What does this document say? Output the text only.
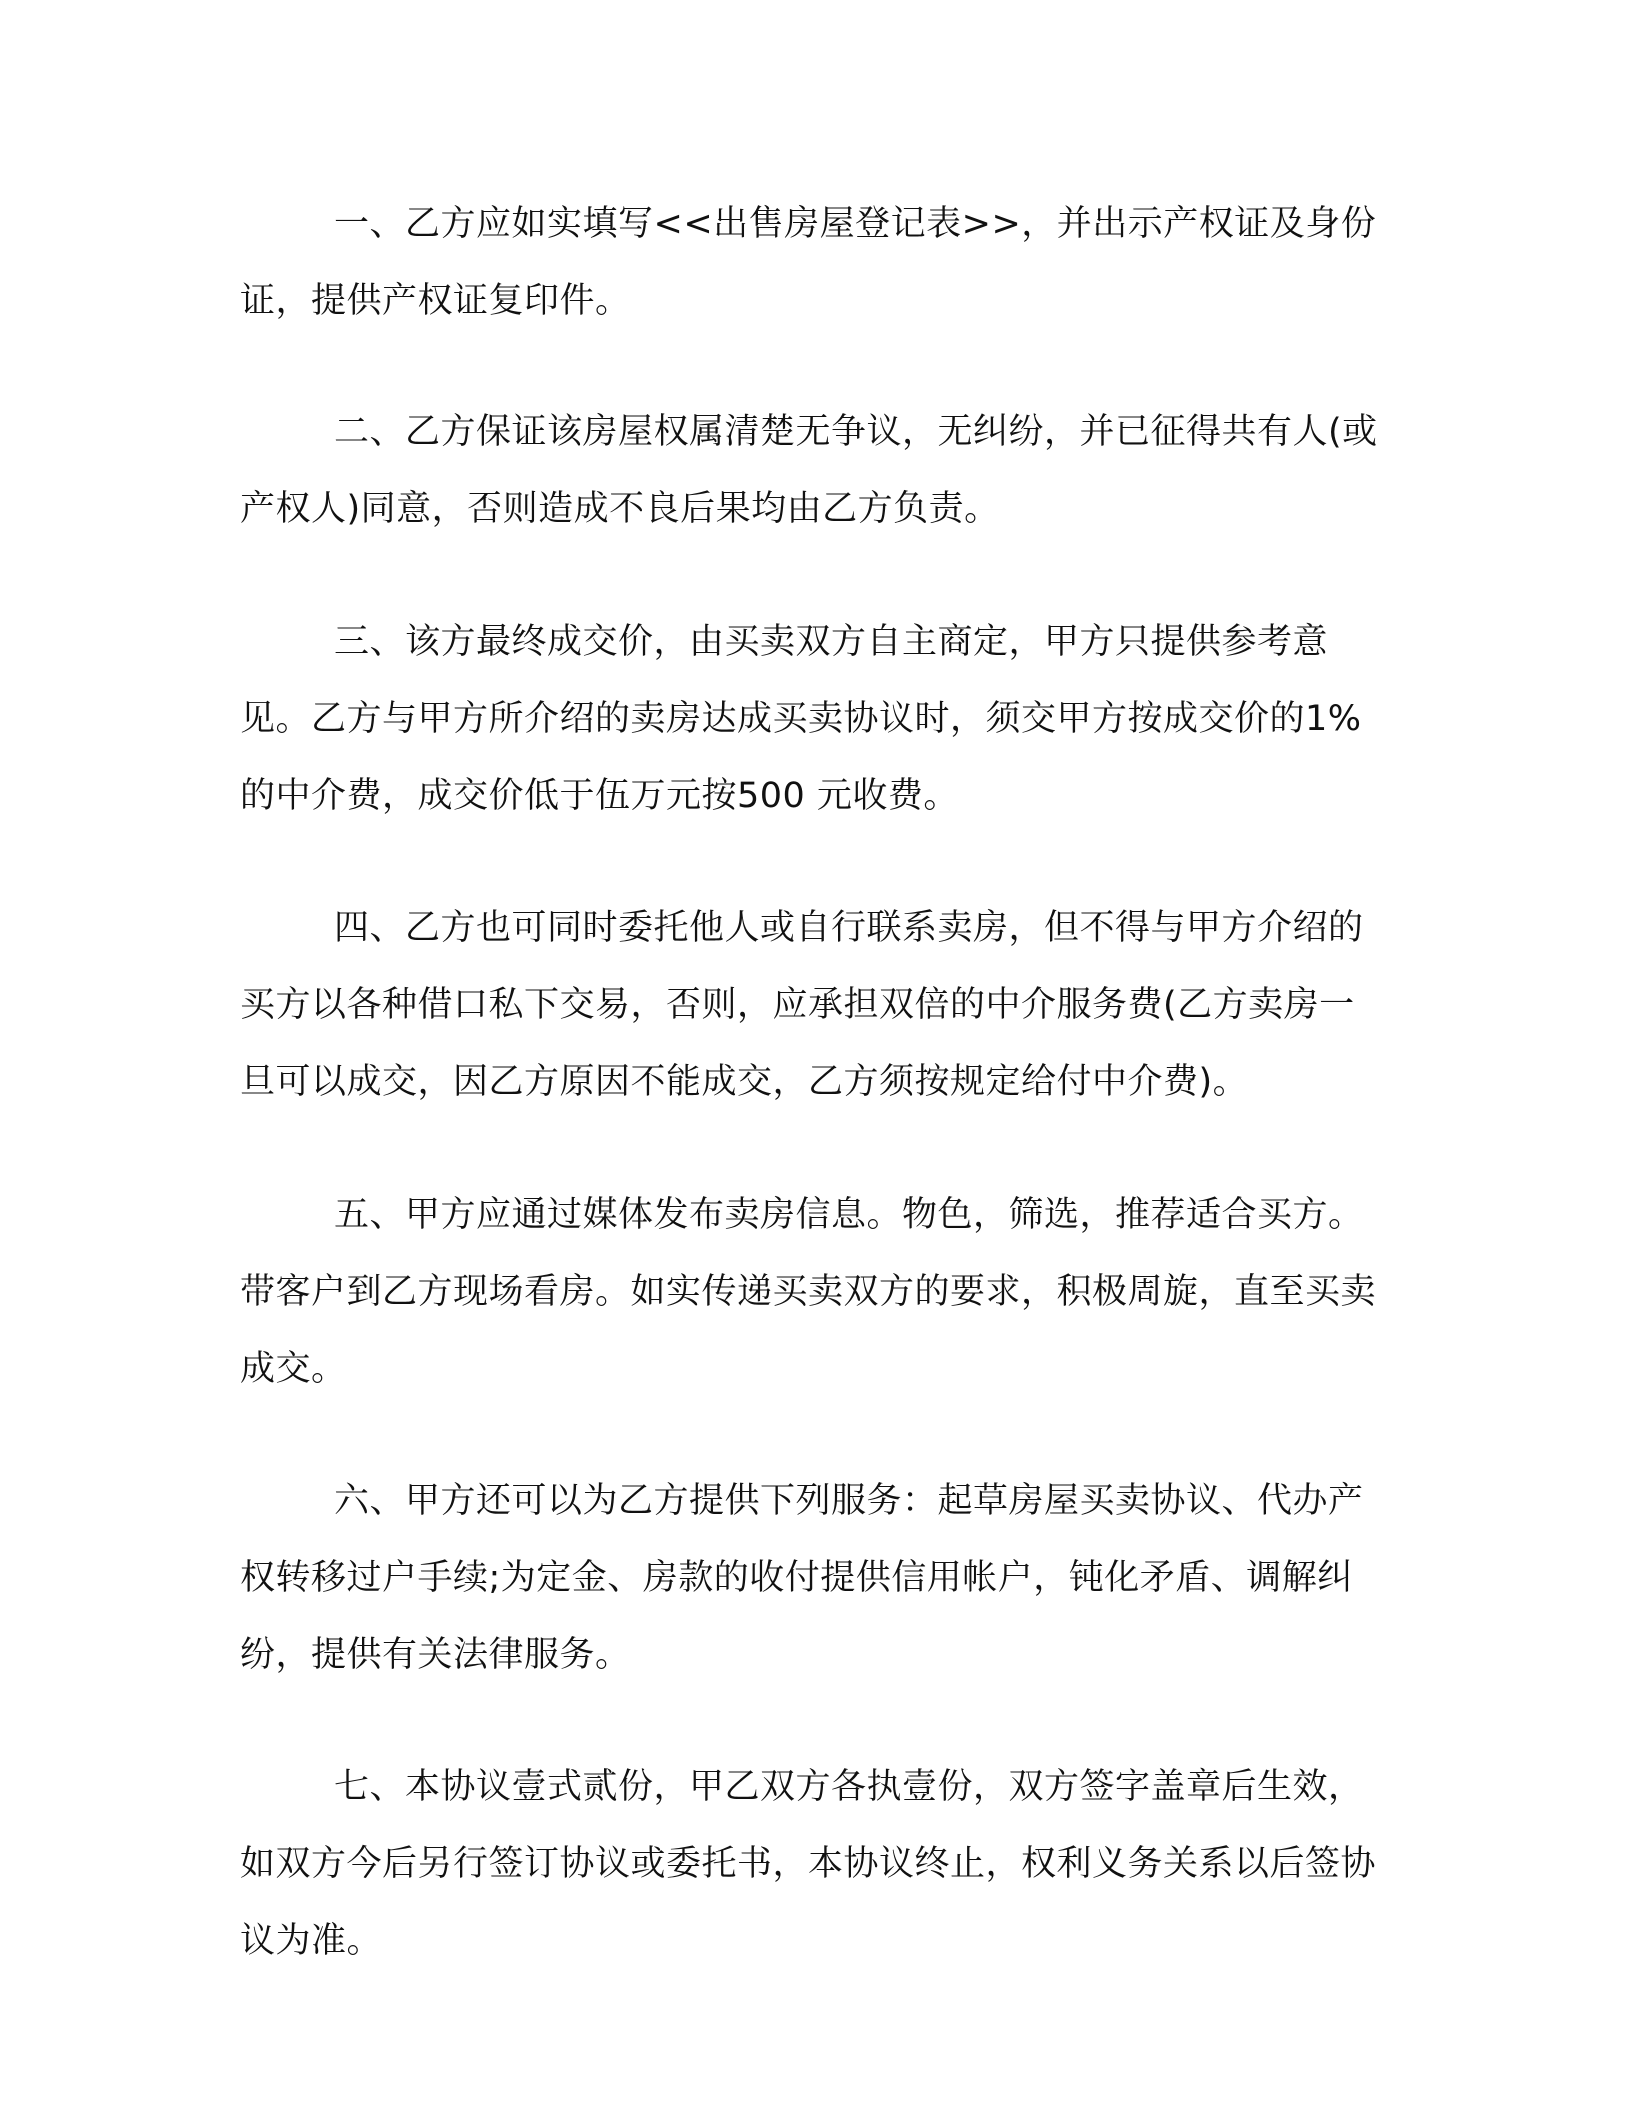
一、乙方应如实填写<<出售房屋登记表>>，并出示产权证及身份证，提供产权证复印件。

二、乙方保证该房屋权属清楚无争议，无纠纷，并已征得共有人(或产权人)同意，否则造成不良后果均由乙方负责。

三、该方最终成交价，由买卖双方自主商定，甲方只提供参考意见。乙方与甲方所介绍的卖房达成买卖协议时，须交甲方按成交价的1%的中介费，成交价低于伍万元按500 元收费。

四、乙方也可同时委托他人或自行联系卖房，但不得与甲方介绍的买方以各种借口私下交易，否则，应承担双倍的中介服务费(乙方卖房一旦可以成交，因乙方原因不能成交，乙方须按规定给付中介费)。

五、甲方应通过媒体发布卖房信息。物色，筛选，推荐适合买方。带客户到乙方现场看房。如实传递买卖双方的要求，积极周旋，直至买卖成交。

六、甲方还可以为乙方提供下列服务：起草房屋买卖协议、代办产权转移过户手续;为定金、房款的收付提供信用帐户，钝化矛盾、调解纠纷，提供有关法律服务。

七、本协议壹式贰份，甲乙双方各执壹份，双方签字盖章后生效，如双方今后另行签订协议或委托书，本协议终止，权利义务关系以后签协议为准。
